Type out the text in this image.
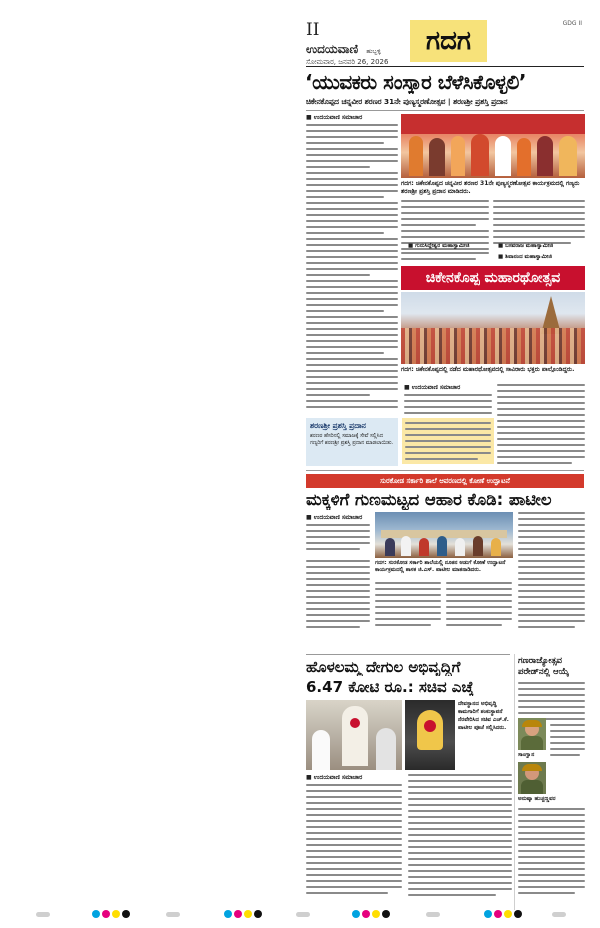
II
ಉದಯವಾಣಿ ಹುಬ್ಬಳ್ಳಿ
ಸೋಮವಾರ, ಜನವರಿ 26, 2026
ಗದಗ
GDG II
‘ಯುವಕರು ಸಂಸ್ಕಾರ ಬೆಳೆಸಿಕೊಳ್ಳಲಿ’
ಚಿಕೇನಕೊಪ್ಪದ ಚನ್ನವೀರ ಶರಣರ 31ನೇ ಪುಣ್ಯಸ್ಮರಣೋತ್ಸವ | ಶರಣಶ್ರೀ ಪ್ರಶಸ್ತಿ ಪ್ರದಾನ
■ ಉದಯವಾಣಿ ಸಮಾಚಾರ
ಗದಗ: ಚಿಕೇನಕೊಪ್ಪದ ಚನ್ನವೀರ ಶರಣರ 31ನೇ ಪುಣ್ಯಸ್ಮರಣೋತ್ಸವ ಕಾರ್ಯಕ್ರಮದಲ್ಲಿ ಗಣ್ಯರು ಶರಣಶ್ರೀ ಪ್ರಶಸ್ತಿ ಪ್ರದಾನ ಮಾಡಿದರು.
■ ಗುರುಸಿದ್ದೇಶ್ವರ ಮಹಾಸ್ವಾಮೀಜಿ	■ ಬಸವರಾಜ ಮಹಾಸ್ವಾಮೀಜಿ
■ ಶಿವಾನಂದ ಮಹಾಸ್ವಾಮೀಜಿ
ಚಿಕೇನಕೊಪ್ಪ ಮಹಾರಥೋತ್ಸವ
ಗದಗ: ಚಿಕೇನಕೊಪ್ಪದಲ್ಲಿ ನಡೆದ ಮಹಾರಥೋತ್ಸವದಲ್ಲಿ ಸಾವಿರಾರು ಭಕ್ತರು ಪಾಲ್ಗೊಂಡಿದ್ದರು.
■ ಉದಯವಾಣಿ ಸಮಾಚಾರ
ಶರಣಶ್ರೀ ಪ್ರಶಸ್ತಿ ಪ್ರದಾನ
ಶರಣರ ಹೆಸರಿನಲ್ಲಿ ಸಮಾಜಕ್ಕೆ ಸೇವೆ ಸಲ್ಲಿಸಿದ ಗಣ್ಯರಿಗೆ ಶರಣಶ್ರೀ ಪ್ರಶಸ್ತಿ ಪ್ರದಾನ ಮಾಡಲಾಯಿತು.
ಸುರಕೋಡ ಸರ್ಕಾರಿ ಶಾಲೆ ಆವರಣದಲ್ಲಿ ಕೋಣೆ ಉದ್ಘಾಟನೆ
ಮಕ್ಕಳಿಗೆ ಗುಣಮಟ್ಟದ ಆಹಾರ ಕೊಡಿ: ಪಾಟೀಲ
■ ಉದಯವಾಣಿ ಸಮಾಚಾರ
ಗದಗ: ಸುರಕೋಡ ಸರ್ಕಾರಿ ಶಾಲೆಯಲ್ಲಿ ನೂತನ ಅಡುಗೆ ಕೋಣೆ ಉದ್ಘಾಟನೆ ಕಾರ್ಯಕ್ರಮದಲ್ಲಿ ಶಾಸಕ ಜಿ.ಎಸ್. ಪಾಟೀಲ ಮಾತನಾಡಿದರು.
ಹೊಳಲಮ್ಮ ದೇಗುಲ ಅಭಿವೃದ್ಧಿಗೆ
6.47 ಕೋಟಿ ರೂ.: ಸಚಿವ ಎಚ್ಕೆ
ದೇವಸ್ಥಾನದ ಅಭಿವೃದ್ಧಿ ಕಾಮಗಾರಿಗೆ ಶಂಕುಸ್ಥಾಪನೆ ನೆರವೇರಿಸಿದ ಸಚಿವ ಎಚ್.ಕೆ. ಪಾಟೀಲ ಪೂಜೆ ಸಲ್ಲಿಸಿದರು.
■ ಉದಯವಾಣಿ ಸಮಾಚಾರ
ಗಣರಾಜ್ಯೋತ್ಸವ ಪರೇಡ್‌ನಲ್ಲಿ ಆಯ್ಕೆ
ಸಾಂಗ್ವಾನ
ಅನುಷ್ಕಾ ಹುಚ್ಚಣ್ಣವರ
